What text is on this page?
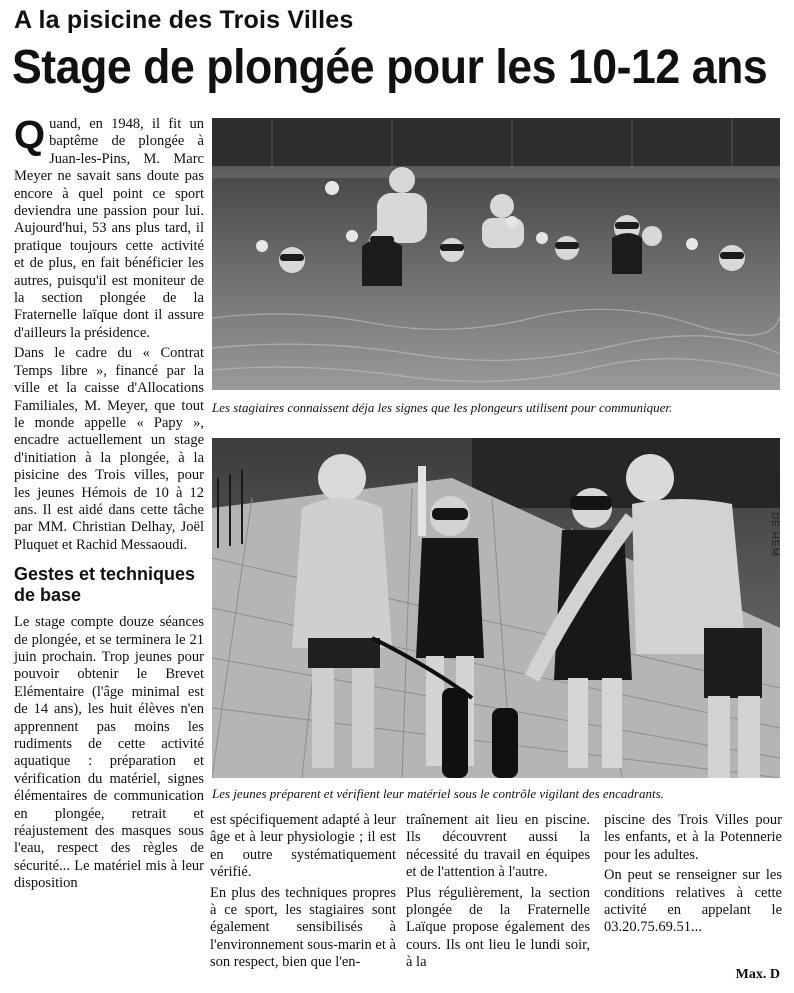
A la pisicine des Trois Villes
Stage de plongée pour les 10-12 ans

Quand, en 1948, il fit un baptême de plongée à Juan-les-Pins, M. Marc Meyer ne savait sans doute pas encore à quel point ce sport deviendra une passion pour lui. Aujourd'hui, 53 ans plus tard, il pratique toujours cette activité et de plus, en fait bénéficier les autres, puisqu'il est moniteur de la section plongée de la Fraternelle laïque dont il assure d'ailleurs la présidence.

Dans le cadre du « Contrat Temps libre », financé par la ville et la caisse d'Allocations Familiales, M. Meyer, que tout le monde appelle « Papy », encadre actuellement un stage d'initiation à la plongée, à la pisicine des Trois villes, pour les jeunes Hémois de 10 à 12 ans. Il est aidé dans cette tâche par MM. Christian Delhay, Joël Pluquet et Rachid Messaoudi.

Gestes et techniques de base

Le stage compte douze séances de plongée, et se terminera le 21 juin prochain. Trop jeunes pour pouvoir obtenir le Brevet Elémentaire (l'âge minimal est de 14 ans), les huit élèves n'en apprennent pas moins les rudiments de cette activité aquatique : préparation et vérification du matériel, signes élémentaires de communication en plongée, retrait et réajustement des masques sous l'eau, respect des règles de sécurité... Le matériel mis à leur disposition

Les stagiaires connaissent déja les signes que les plongeurs utilisent pour communiquer.
VILLE DE HEM
Les jeunes préparent et vérifient leur matériel sous le contrôle vigilant des encadrants.

est spécifiquement adapté à leur âge et à leur physiologie ; il est en outre systématiquement vérifié.

En plus des techniques propres à ce sport, les stagiaires sont également sensibilisés à l'environnement sous-marin et à son respect, bien que l'en-

traînement ait lieu en piscine. Ils découvrent aussi la nécessité du travail en équipes et de l'attention à l'autre.

Plus régulièrement, la section plongée de la Fraternelle Laïque propose également des cours. Ils ont lieu le lundi soir, à la

piscine des Trois Villes pour les enfants, et à la Potennerie pour les adultes.

On peut se renseigner sur les conditions relatives à cette activité en appelant le 03.20.75.69.51...

Max. D
